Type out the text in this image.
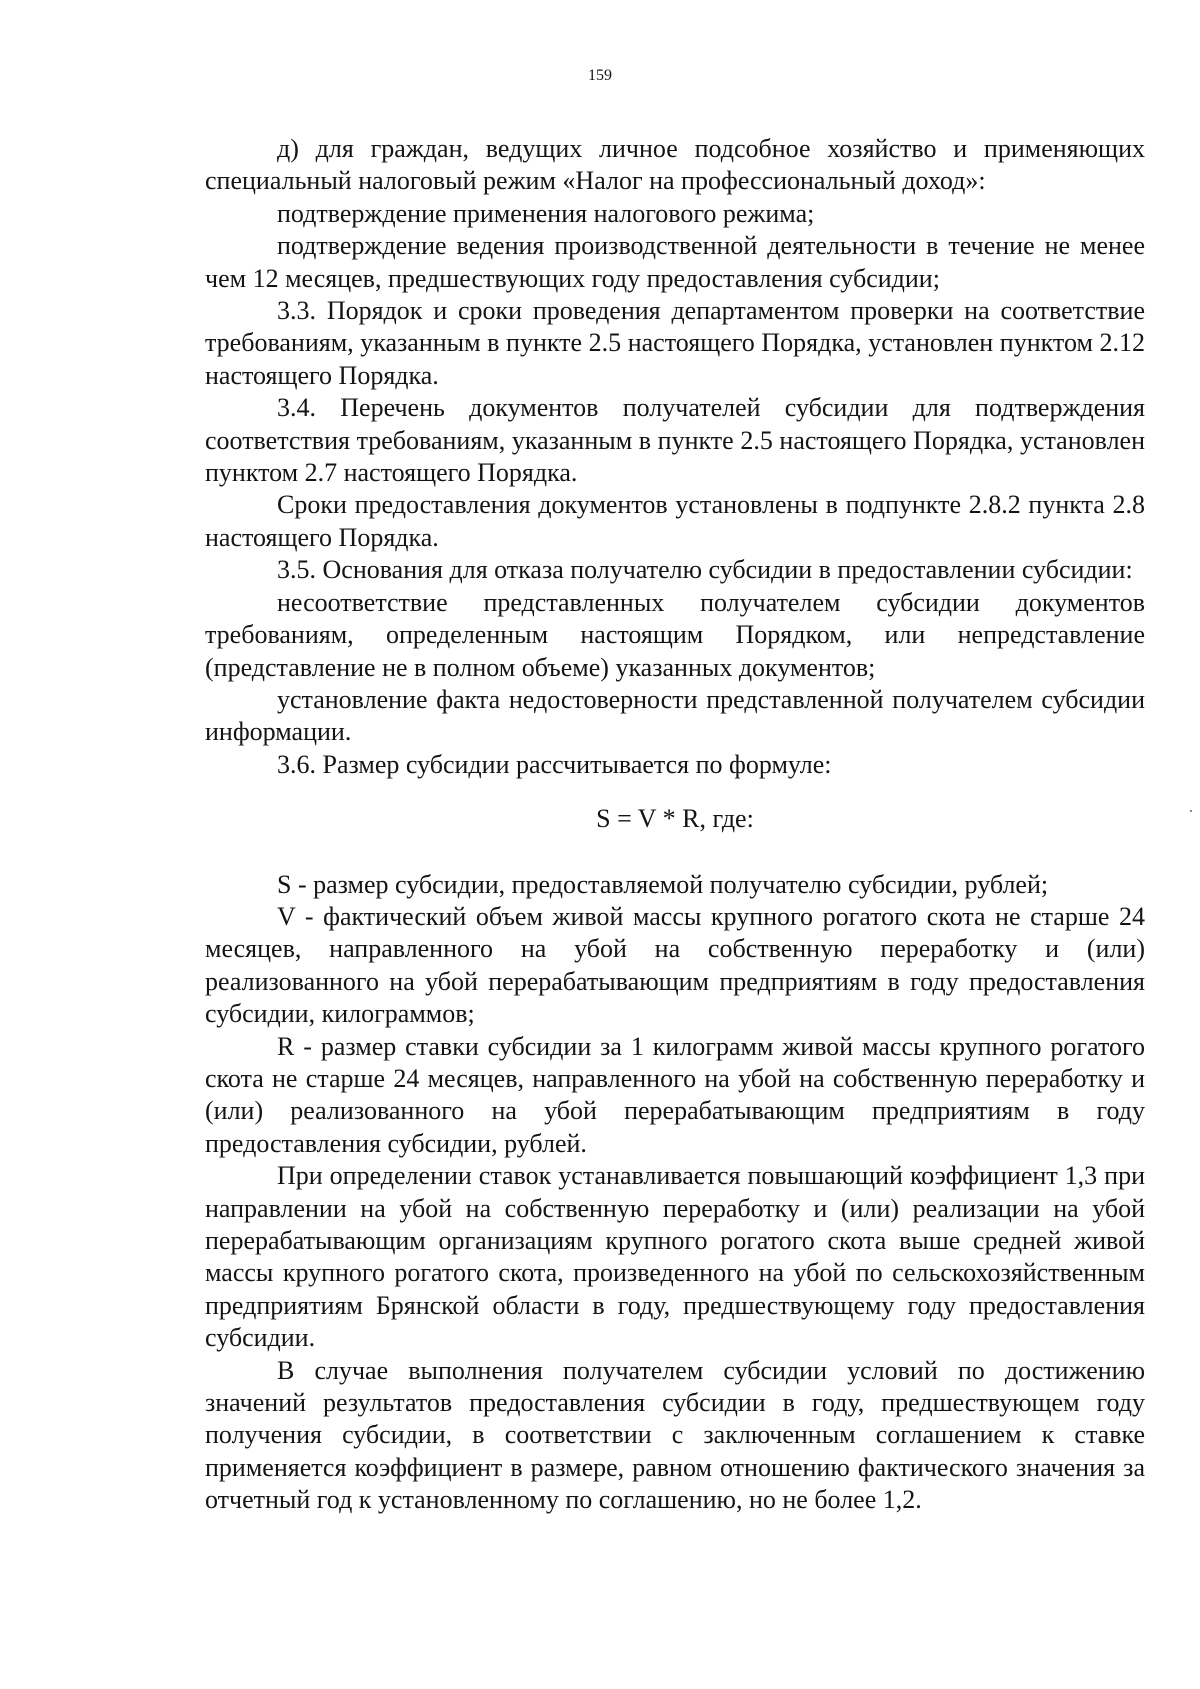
159

д) для граждан, ведущих личное подсобное хозяйство и применяющих специальный налоговый режим «Налог на профессиональный доход»:

подтверждение применения налогового режима;

подтверждение ведения производственной деятельности в течение не менее чем 12 месяцев, предшествующих году предоставления субсидии;

3.3. Порядок и сроки проведения департаментом проверки на соответствие требованиям, указанным в пункте 2.5 настоящего Порядка, установлен пунктом 2.12 настоящего Порядка.

3.4. Перечень документов получателей субсидии для подтверждения соответствия требованиям, указанным в пункте 2.5 настоящего Порядка, установлен пунктом 2.7 настоящего Порядка.

Сроки предоставления документов установлены в подпункте 2.8.2 пункта 2.8 настоящего Порядка.

3.5. Основания для отказа получателю субсидии в предоставлении субсидии:

несоответствие представленных получателем субсидии документов требованиям, определенным настоящим Порядком, или непредставление (представление не в полном объеме) указанных документов;

установление факта недостоверности представленной получателем субсидии информации.

3.6. Размер субсидии рассчитывается по формуле:

S = V * R, где:

S - размер субсидии, предоставляемой получателю субсидии, рублей;

V - фактический объем живой массы крупного рогатого скота не старше 24 месяцев, направленного на убой на собственную переработку и (или) реализованного на убой перерабатывающим предприятиям в году предоставления субсидии, килограммов;

R - размер ставки субсидии за 1 килограмм живой массы крупного рогатого скота не старше 24 месяцев, направленного на убой на собственную переработку и (или) реализованного на убой перерабатывающим предприятиям в году предоставления субсидии, рублей.

При определении ставок устанавливается повышающий коэффициент 1,3 при направлении на убой на собственную переработку и (или) реализации на убой перерабатывающим организациям крупного рогатого скота выше средней живой массы крупного рогатого скота, произведенного на убой по сельскохозяйственным предприятиям Брянской области в году, предшествующему году предоставления субсидии.

В случае выполнения получателем субсидии условий по достижению значений результатов предоставления субсидии в году, предшествующем году получения субсидии, в соответствии с заключенным соглашением к ставке применяется коэффициент в размере, равном отношению фактического значения за отчетный год к установленному по соглашению, но не более 1,2.
